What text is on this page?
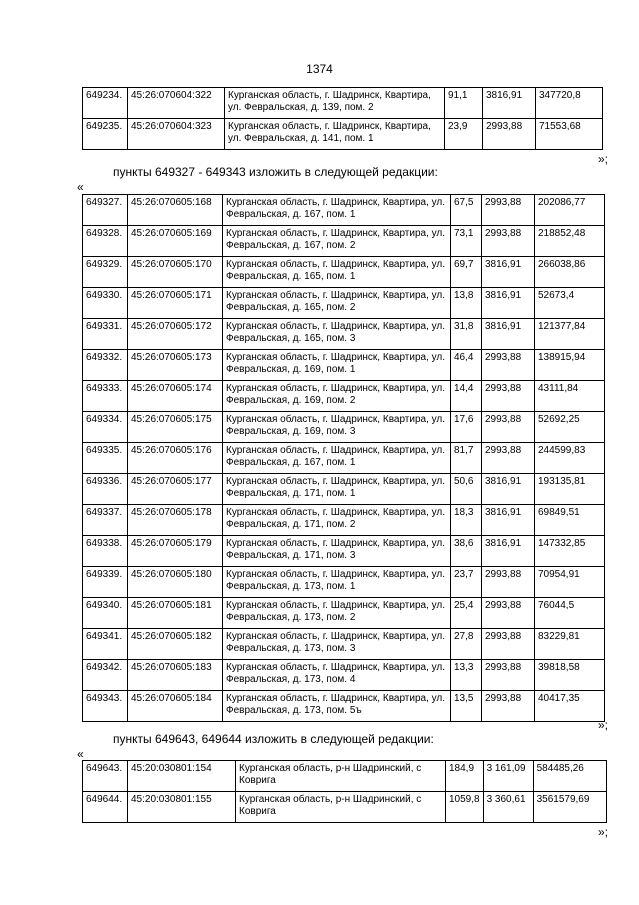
1374
649234.	45:26:070604:322	Курганская область, г. Шадринск, Квартира, ул. Февральская, д. 139, пом. 2	91,1	3816,91	347720,8
649235.	45:26:070604:323	Курганская область, г. Шадринск, Квартира, ул. Февральская, д. 141, пом. 1	23,9	2993,88	71553,68
»;
пункты 649327 - 649343 изложить в следующей редакции:
«
649327.	45:26:070605:168	Курганская область, г. Шадринск, Квартира, ул. Февральская, д. 167, пом. 1	67,5	2993,88	202086,77
649328.	45:26:070605:169	Курганская область, г. Шадринск, Квартира, ул. Февральская, д. 167, пом. 2	73,1	2993,88	218852,48
649329.	45:26:070605:170	Курганская область, г. Шадринск, Квартира, ул. Февральская, д. 165, пом. 1	69,7	3816,91	266038,86
649330.	45:26:070605:171	Курганская область, г. Шадринск, Квартира, ул. Февральская, д. 165, пом. 2	13,8	3816,91	52673,4
649331.	45:26:070605:172	Курганская область, г. Шадринск, Квартира, ул. Февральская, д. 165, пом. 3	31,8	3816,91	121377,84
649332.	45:26:070605:173	Курганская область, г. Шадринск, Квартира, ул. Февральская, д. 169, пом. 1	46,4	2993,88	138915,94
649333.	45:26:070605:174	Курганская область, г. Шадринск, Квартира, ул. Февральская, д. 169, пом. 2	14,4	2993,88	43111,84
649334.	45:26:070605:175	Курганская область, г. Шадринск, Квартира, ул. Февральская, д. 169, пом. 3	17,6	2993,88	52692,25
649335.	45:26:070605:176	Курганская область, г. Шадринск, Квартира, ул. Февральская, д. 167, пом. 1	81,7	2993,88	244599,83
649336.	45:26:070605:177	Курганская область, г. Шадринск, Квартира, ул. Февральская, д. 171, пом. 1	50,6	3816,91	193135,81
649337.	45:26:070605:178	Курганская область, г. Шадринск, Квартира, ул. Февральская, д. 171, пом. 2	18,3	3816,91	69849,51
649338.	45:26:070605:179	Курганская область, г. Шадринск, Квартира, ул. Февральская, д. 171, пом. 3	38,6	3816,91	147332,85
649339.	45:26:070605:180	Курганская область, г. Шадринск, Квартира, ул. Февральская, д. 173, пом. 1	23,7	2993,88	70954,91
649340.	45:26:070605:181	Курганская область, г. Шадринск, Квартира, ул. Февральская, д. 173, пом. 2	25,4	2993,88	76044,5
649341.	45:26:070605:182	Курганская область, г. Шадринск, Квартира, ул. Февральская, д. 173, пом. 3	27,8	2993,88	83229,81
649342.	45:26:070605:183	Курганская область, г. Шадринск, Квартира, ул. Февральская, д. 173, пом. 4	13,3	2993,88	39818,58
649343.	45:26:070605:184	Курганская область, г. Шадринск, Квартира, ул. Февральская, д. 173, пом. 5ъ	13,5	2993,88	40417,35
»;
пункты 649643, 649644 изложить в следующей редакции:
«
649643.	45:20:030801:154	Курганская область, р-н Шадринский, с Коврига	184,9	3 161,09	584485,26
649644.	45:20:030801:155	Курганская область, р-н Шадринский, с Коврига	1059,8	3 360,61	3561579,69
»;
